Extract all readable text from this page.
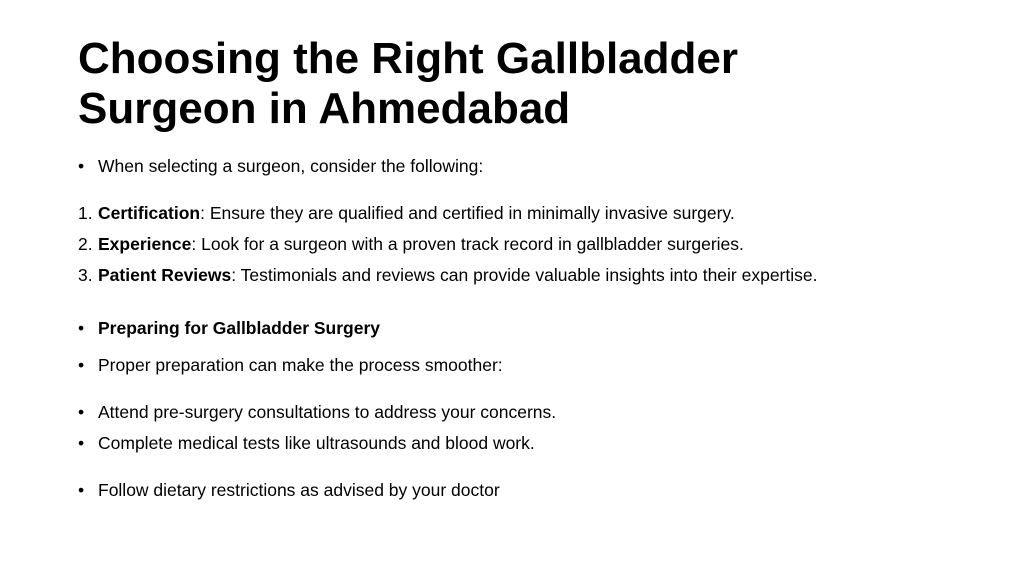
Choosing the Right Gallbladder
Surgeon in Ahmedabad
• When selecting a surgeon, consider the following:
1. Certification: Ensure they are qualified and certified in minimally invasive surgery.
2. Experience: Look for a surgeon with a proven track record in gallbladder surgeries.
3. Patient Reviews: Testimonials and reviews can provide valuable insights into their expertise.
• Preparing for Gallbladder Surgery
• Proper preparation can make the process smoother:
• Attend pre-surgery consultations to address your concerns.
• Complete medical tests like ultrasounds and blood work.
• Follow dietary restrictions as advised by your doctor
